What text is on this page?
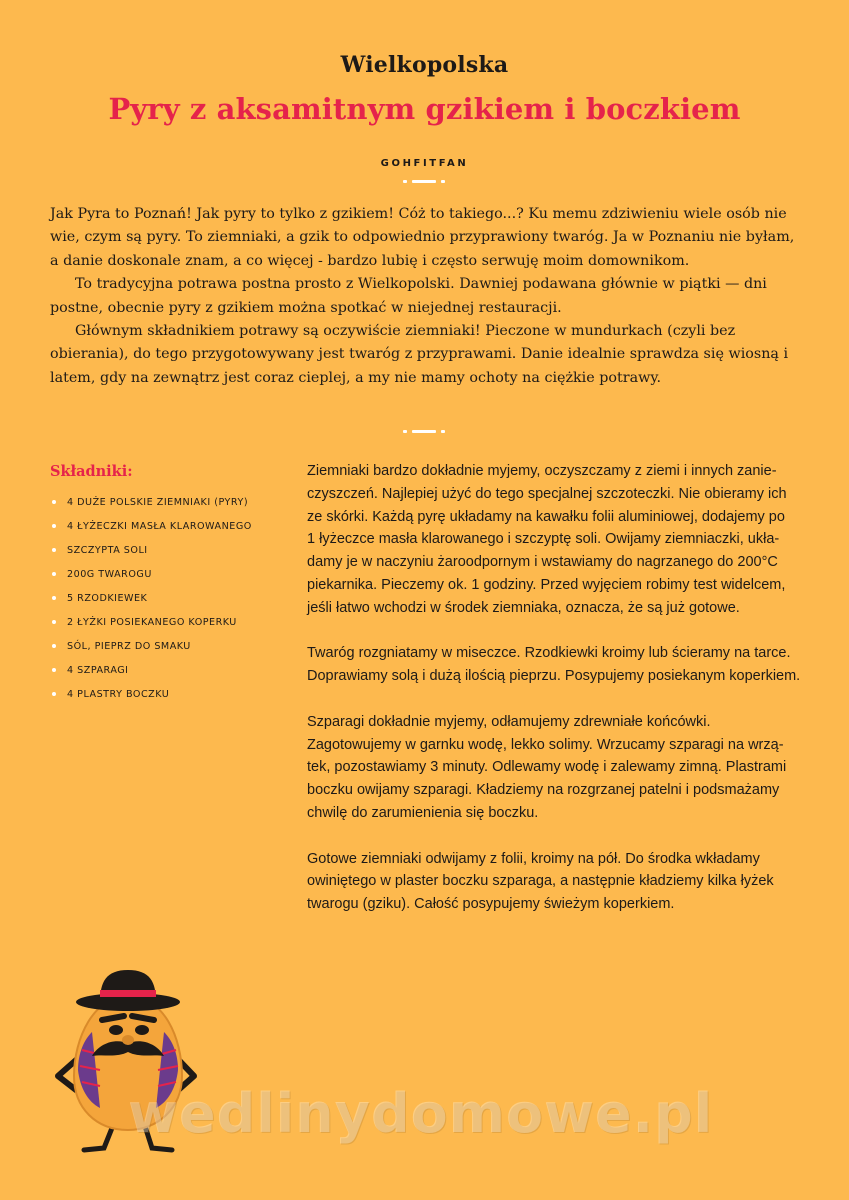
Wielkopolska
Pyry z aksamitnym gzikiem i boczkiem
GOHFITFAN

Jak Pyra to Poznań! Jak pyry to tylko z gzikiem! Cóż to takiego...? Ku memu zdziwieniu wiele osób nie wie, czym są pyry. To ziemniaki, a gzik to odpowiednio przyprawiony twaróg. Ja w Poznaniu nie byłam, a danie doskonale znam, a co więcej - bardzo lubię i często serwuję moim domownikom.

To tradycyjna potrawa postna prosto z Wielkopolski. Dawniej podawana głównie w piątki — dni postne, obecnie pyry z gzikiem można spotkać w niejednej restauracji.

Głównym składnikiem potrawy są oczywiście ziemniaki! Pieczone w mundurkach (czyli bez obierania), do tego przygotowywany jest twaróg z przyprawami. Danie idealnie sprawdza się wiosną i latem, gdy na zewnątrz jest coraz cieplej, a my nie mamy ochoty na ciężkie potrawy.

Składniki:
4 DUŻE POLSKIE ZIEMNIAKI (PYRY)
4 ŁYŻECZKI MASŁA KLAROWANEGO
SZCZYPTA SOLI
200G TWAROGU
5 RZODKIEWEK
2 ŁYŻKI POSIEKANEGO KOPERKU
SÓL, PIEPRZ DO SMAKU
4 SZPARAGI
4 PLASTRY BOCZKU

Ziemniaki bardzo dokładnie myjemy, oczyszczamy z ziemi i innych zanie-
czyszczeń. Najlepiej użyć do tego specjalnej szczoteczki. Nie obieramy ich
ze skórki. Każdą pyrę układamy na kawałku folii aluminiowej, dodajemy po
1 łyżeczce masła klarowanego i szczyptę soli. Owijamy ziemniaczki, ukła-
damy je w naczyniu żaroodpornym i wstawiamy do nagrzanego do 200°C
piekarnika. Pieczemy ok. 1 godziny. Przed wyjęciem robimy test widelcem,
jeśli łatwo wchodzi w środek ziemniaka, oznacza, że są już gotowe.

Twaróg rozgniatamy w miseczce. Rzodkiewki kroimy lub ścieramy na tarce.
Doprawiamy solą i dużą ilością pieprzu. Posypujemy posiekanym koperkiem.

Szparagi dokładnie myjemy, odłamujemy zdrewniałe końcówki.
Zagotowujemy w garnku wodę, lekko solimy. Wrzucamy szparagi na wrzą-
tek, pozostawiamy 3 minuty. Odlewamy wodę i zalewamy zimną. Plastrami
boczku owijamy szparagi. Kładziemy na rozgrzanej patelni i podsmażamy
chwilę do zarumienienia się boczku.

Gotowe ziemniaki odwijamy z folii, kroimy na pół. Do środka wkładamy
owiniętego w plaster boczku szparaga, a następnie kładziemy kilka łyżek
twarogu (gziku). Całość posypujemy świeżym koperkiem.

wedlinydomowe.pl
